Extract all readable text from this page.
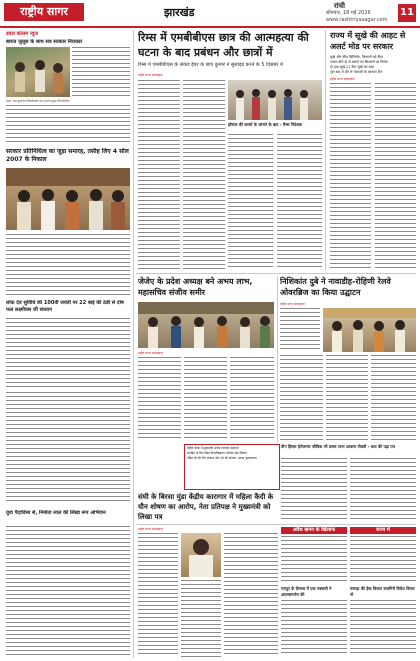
राष्ट्रीय सागर	झारखंड	रांची
सोमवार, 18 मई 2026
www.rashtriyasagar.com
11
डवल कोलम न्यूज
बारात जुलूस के साथ सत्र सरकार निराकार
शहर: राम कुलदत्त जिलारिकत मान कारों प्रमुख की वितरित
सरकार प्रतिनिधित्व का जुड़ा समारह, तसीह लिए 4 सोल 2007 के निकाल
लोक देव सुविधि की 100वीं जयंती पर 22 बाई की ठंडी से दोष फल लक्ष्मीयस जी संध्यान
युवा पैदाविसा से, निर्माता लाल की लिखा रूप अभियान
रिम्स में एमबीबीएस छात्र की आत्महत्या की
घटना के बाद प्रबंधन और छात्रों में
रिम्स में एमबीबीएस के सेकंड ईयर के छात्र कुमार ने सुसाइड करने के 5 दिसंबर में
राष्ट्रीय सागर संवाददाता
हॉस्टल की कमरों के जांचने के बाद - रिम्स निदेशक
राज्य में सूखे की आहट से अलर्ट मोड पर सरकार
सुखे और बीज बिनियोग, किसानों को बीज
फसल बोने दो से बचाने का किसानों का निर्णय
दो हवा सूखे 21 दिन सूखे का सख
जून बाद में दौर लें माताओं के बरसात दिन
राष्ट्रीय सागर संवाददाता
जेजेए के प्रदेश अध्यक्ष बने अभय लाभ, महासचिव संजीव समीर
राष्ट्रीय सागर संवाददाता
निशिकांत दुबे ने नावाडीह-रोहिणी रेलवे ओवरब्रिज का किया उद्घाटन
राष्ट्रीय सागर संवाददाता
राष्ट्रीय करेंस में मुख्यमंत्री अनेक व्यवस्था संसाधन
जनहित के लिए विद्या विश्वविद्यालय परिक्षेत्र और विस्तार
पंडित जी की गीत संकल्प और नये की योजना, उनका पुस्तकालय
तीन हिंसार हेरोजगार जीविक भी प्रसार लाभ आवास नौकरी - कल की पढ़ा तय
संघी के बिरसा मुंडा केंद्रीय कारागार में महिला कैदी के यौन शोषण का आरोप, नेता प्रतिपक्ष ने मुख्यमंत्री को लिखा पत्र
राष्ट्रीय सागर संवाददाता	अवैध खनन के खिलाफ
रायपुर के कैम्पस में एक नक्सली ने आत्मसमर्पण की
राज्य में
मरगड़ा की हैक विफल राजगिरी विरोध विमल नो
